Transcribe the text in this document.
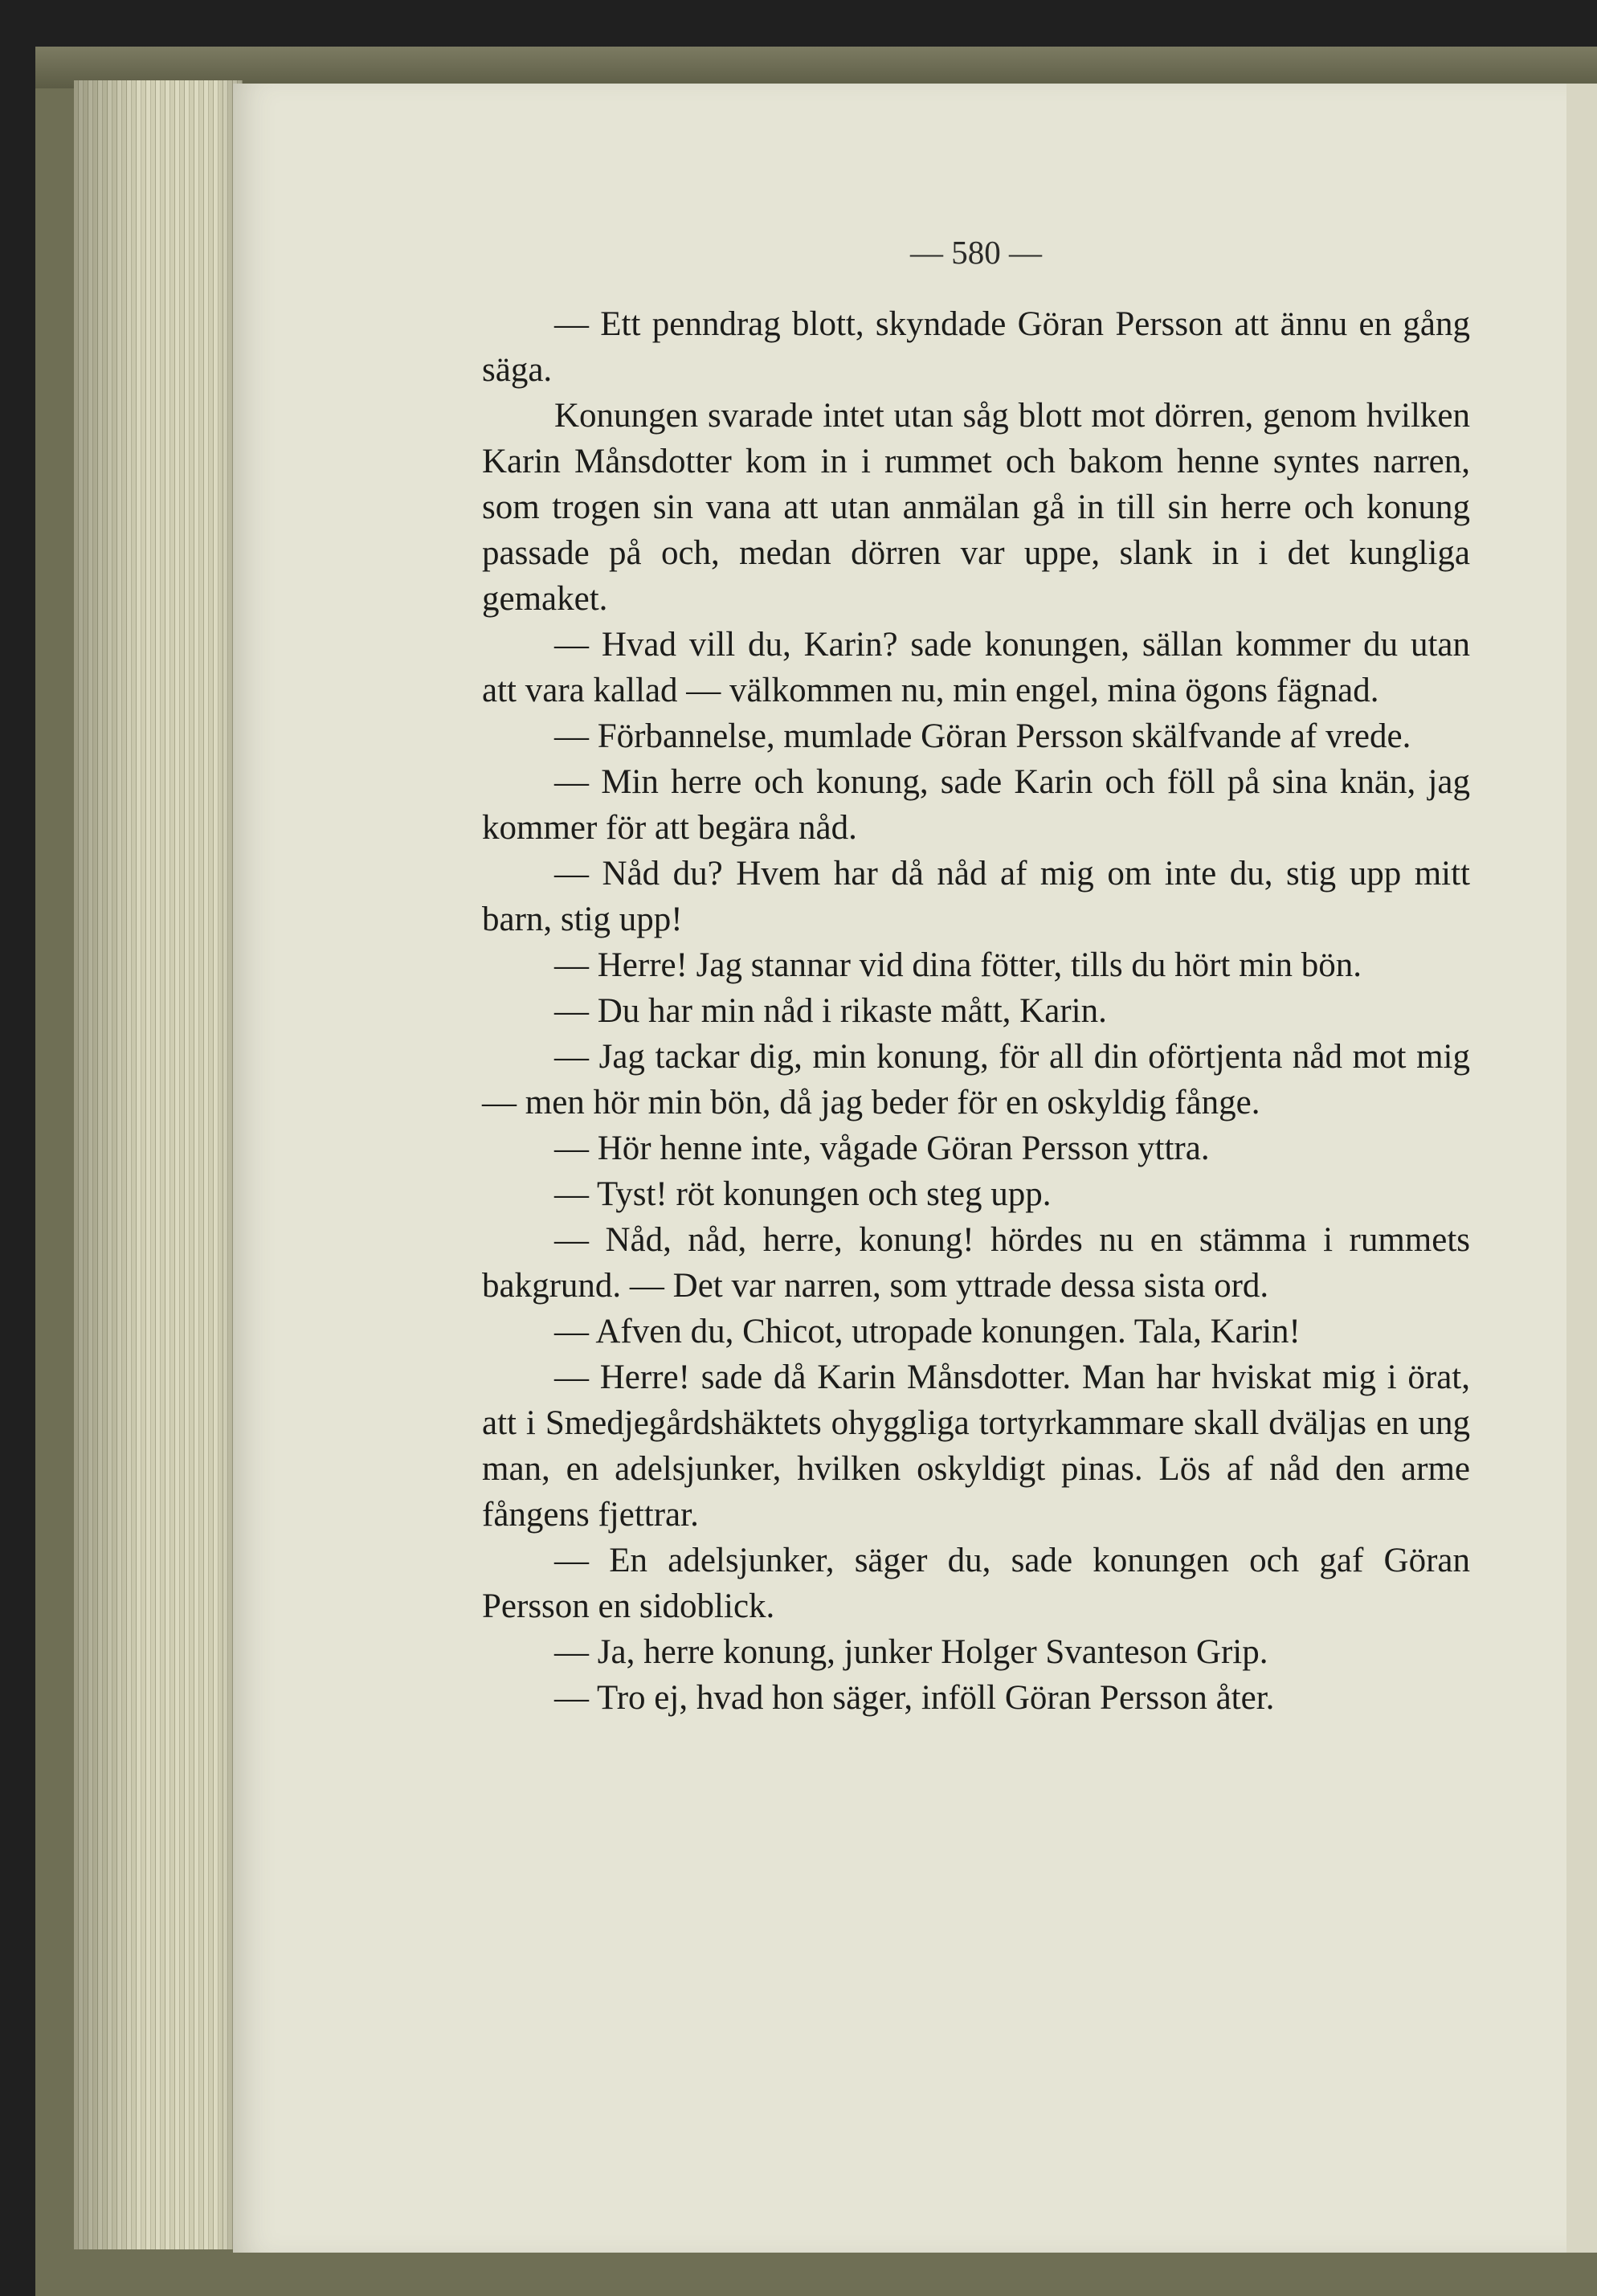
— 580 —

— Ett penndrag blott, skyndade Göran Persson att ännu en gång säga.

Konungen svarade intet utan såg blott mot dörren, genom hvilken Karin Månsdotter kom in i rummet och bakom henne syntes narren, som trogen sin vana att utan anmälan gå in till sin herre och konung passade på och, medan dörren var uppe, slank in i det kungliga gemaket.

— Hvad vill du, Karin? sade konungen, sällan kommer du utan att vara kallad — välkommen nu, min engel, mina ögons fägnad.

— Förbannelse, mumlade Göran Persson skälfvande af vrede.

— Min herre och konung, sade Karin och föll på sina knän, jag kommer för att begära nåd.

— Nåd du? Hvem har då nåd af mig om inte du, stig upp mitt barn, stig upp!

— Herre! Jag stannar vid dina fötter, tills du hört min bön.

— Du har min nåd i rikaste mått, Karin.

— Jag tackar dig, min konung, för all din oförtjenta nåd mot mig — men hör min bön, då jag beder för en oskyldig fånge.

— Hör henne inte, vågade Göran Persson yttra.

— Tyst! röt konungen och steg upp.

— Nåd, nåd, herre, konung! hördes nu en stämma i rummets bakgrund. — Det var narren, som yttrade dessa sista ord.

— Afven du, Chicot, utropade konungen. Tala, Karin!

— Herre! sade då Karin Månsdotter. Man har hviskat mig i örat, att i Smedjegårdshäktets ohyggliga tortyrkammare skall dväljas en ung man, en adelsjunker, hvilken oskyldigt pinas. Lös af nåd den arme fångens fjettrar.

— En adelsjunker, säger du, sade konungen och gaf Göran Persson en sidoblick.

— Ja, herre konung, junker Holger Svanteson Grip.

— Tro ej, hvad hon säger, inföll Göran Persson åter.
